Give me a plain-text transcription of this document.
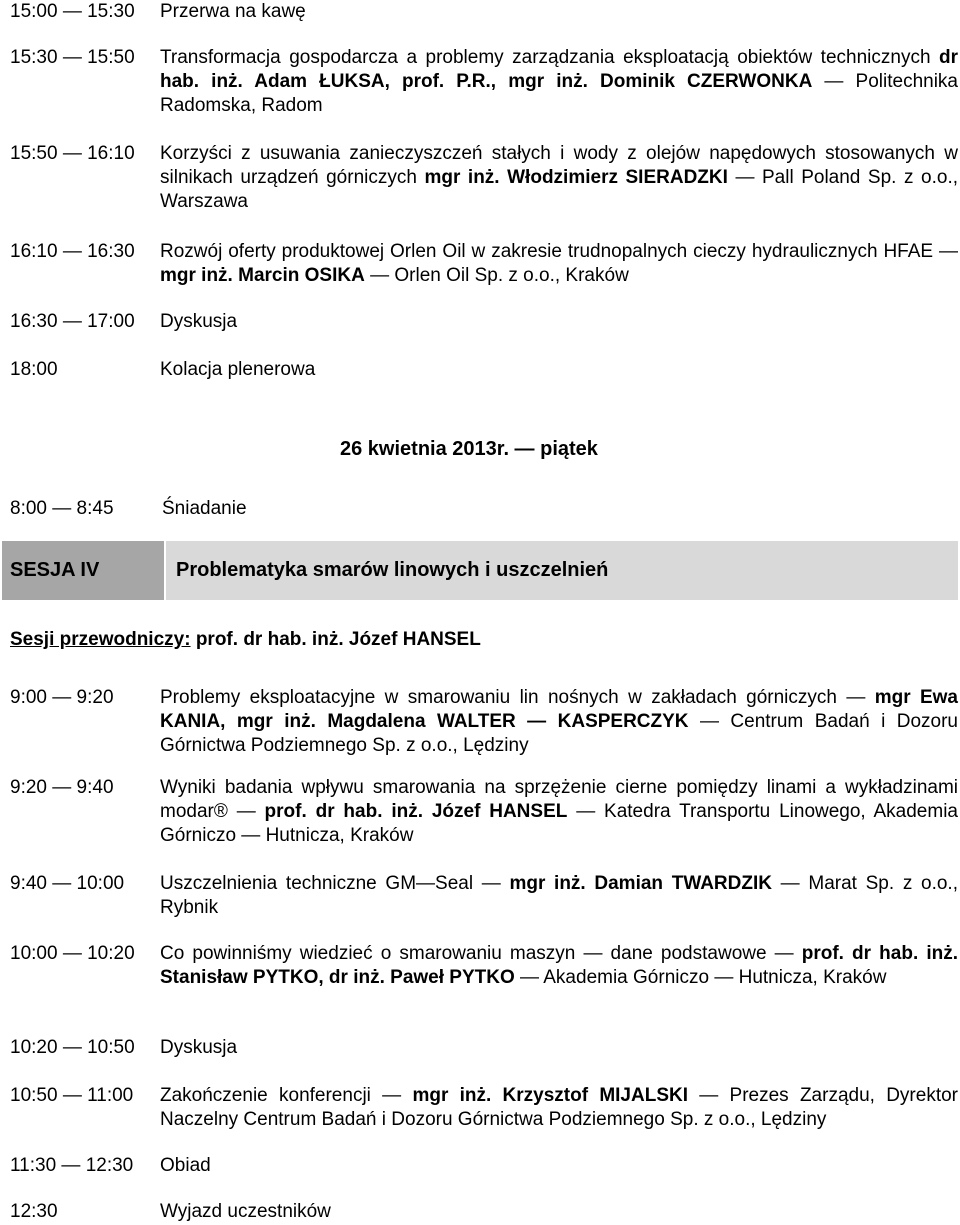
15:00 — 15:30	Przerwa na kawę
15:30 — 15:50	Transformacja gospodarcza a problemy zarządzania eksploatacją obiektów technicznych dr hab. inż. Adam ŁUKSA, prof. P.R., mgr inż. Dominik CZERWONKA — Politechnika Radomska, Radom
15:50 — 16:10	Korzyści z usuwania zanieczyszczeń stałych i wody z olejów napędowych stosowanych w silnikach urządzeń górniczych mgr inż. Włodzimierz SIERADZKI — Pall Poland Sp. z o.o., Warszawa
16:10 — 16:30	Rozwój oferty produktowej Orlen Oil w zakresie trudnopalnych cieczy hydraulicznych HFAE — mgr inż. Marcin OSIKA — Orlen Oil Sp. z o.o., Kraków
16:30 — 17:00	Dyskusja
18:00	Kolacja plenerowa
26 kwietnia 2013r. — piątek
8:00 — 8:45	Śniadanie
SESJA IV	Problematyka smarów linowych i uszczelnień
Sesji przewodniczy: prof. dr hab. inż. Józef HANSEL
9:00 — 9:20	Problemy eksploatacyjne w smarowaniu lin nośnych w zakładach górniczych — mgr Ewa KANIA, mgr inż. Magdalena WALTER — KASPERCZYK — Centrum Badań i Dozoru Górnictwa Podziemnego Sp. z o.o., Lędziny
9:20 — 9:40	Wyniki badania wpływu smarowania na sprzężenie cierne pomiędzy linami a wykładzinami modar® — prof. dr hab. inż. Józef HANSEL — Katedra Transportu Linowego, Akademia Górniczo — Hutnicza, Kraków
9:40 — 10:00	Uszczelnienia techniczne GM—Seal — mgr inż. Damian TWARDZIK — Marat Sp. z o.o., Rybnik
10:00 — 10:20	Co powinniśmy wiedzieć o smarowaniu maszyn — dane podstawowe — prof. dr hab. inż. Stanisław PYTKO, dr inż. Paweł PYTKO — Akademia Górniczo — Hutnicza, Kraków
10:20 — 10:50	Dyskusja
10:50 — 11:00	Zakończenie konferencji — mgr inż. Krzysztof MIJALSKI — Prezes Zarządu, Dyrektor Naczelny Centrum Badań i Dozoru Górnictwa Podziemnego Sp. z o.o., Lędziny
11:30 — 12:30	Obiad
12:30	Wyjazd uczestników
